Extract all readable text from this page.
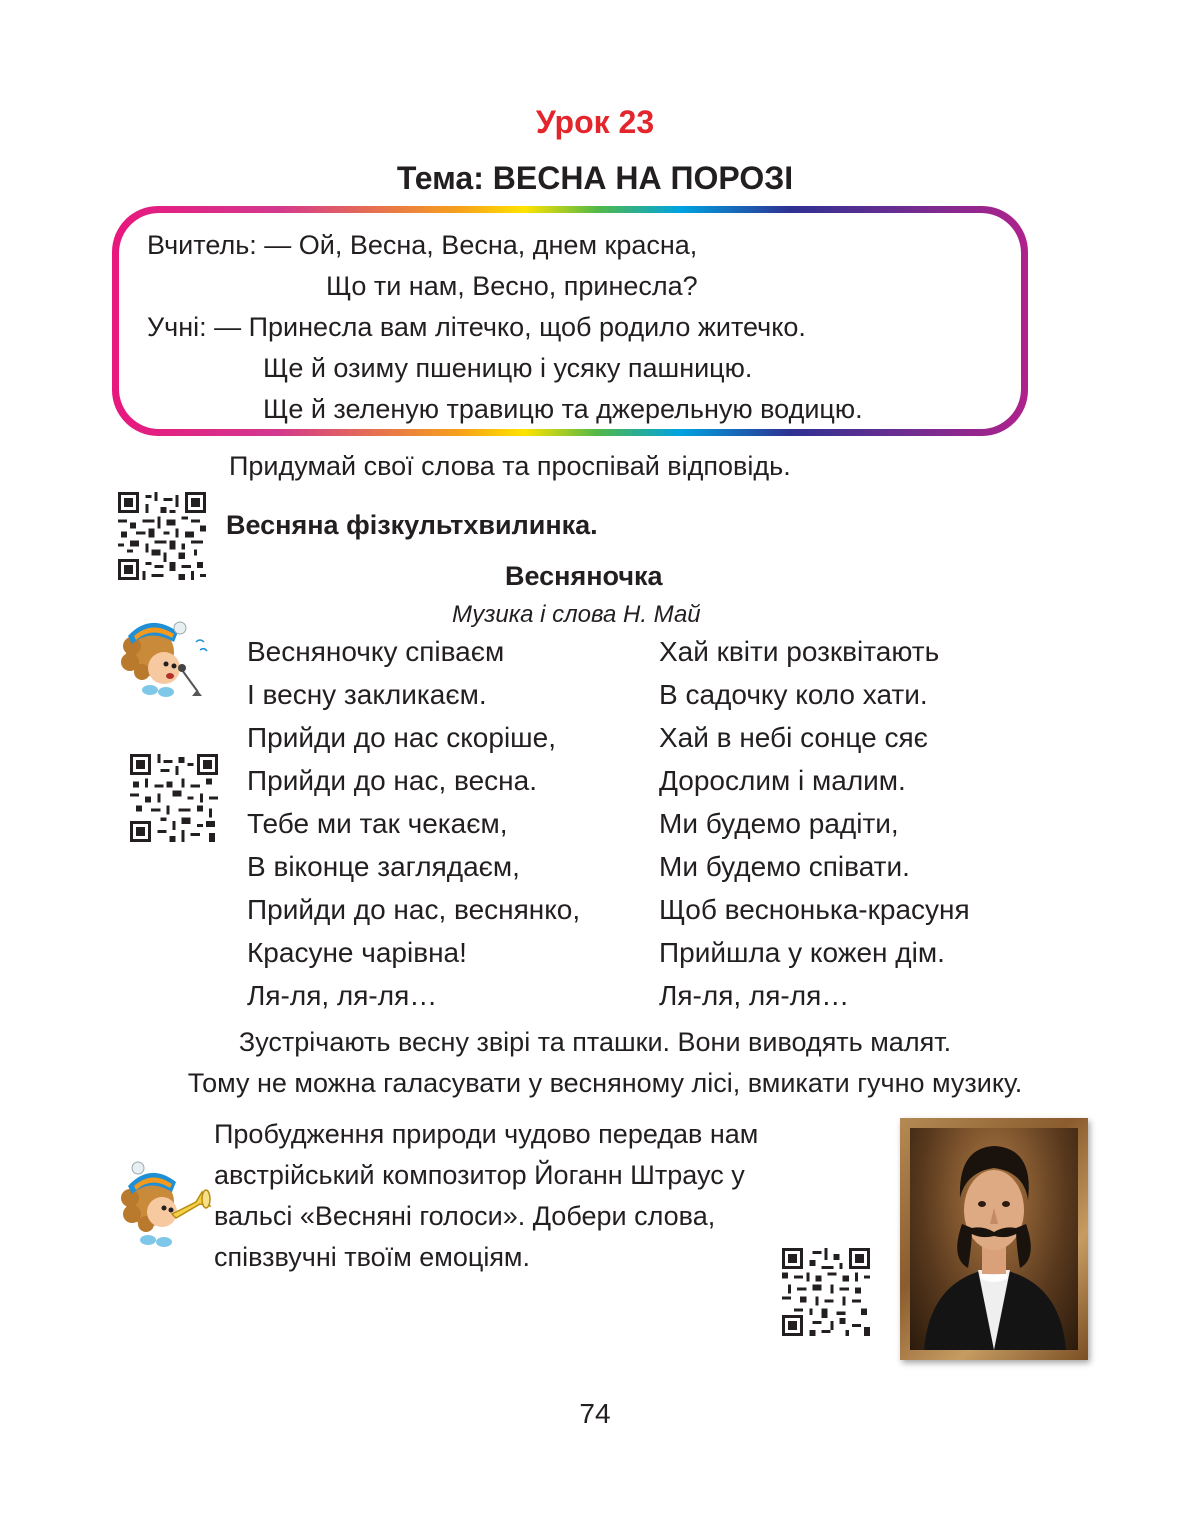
Урок 23
Тема: ВЕСНА НА ПОРОЗІ
Вчитель: — Ой, Весна, Весна, днем красна,
Що ти нам, Весно, принесла?
Учні: — Принесла вам літечко, щоб родило житечко.
Ще й озиму пшеницю і усяку пашницю.
Ще й зеленую травицю та джерельную водицю.
Придумай свої слова та проспівай відповідь.
Весняна фізкультхвилинка.
Весняночка
Музика і слова Н. Май
Весняночку співаєм
І весну закликаєм.
Прийди до нас скоріше,
Прийди до нас, весна.
Тебе ми так чекаєм,
В віконце заглядаєм,
Прийди до нас, веснянко,
Красуне чарівна!
Ля-ля, ля-ля…
Хай квіти розквітають
В садочку коло хати.
Хай в небі сонце сяє
Дорослим і малим.
Ми будемо радіти,
Ми будемо співати.
Щоб веснонька-красуня
Прийшла у кожен дім.
Ля-ля, ля-ля…
Зустрічають весну звірі та пташки. Вони виводять малят.
Тому не можна галасувати у весняному лісі, вмикати гучно музику.
Пробудження природи чудово передав нам
австрійський композитор Йоганн Штраус у
вальсі «Весняні голоси». Добери слова,
співзвучні твоїм емоціям.
74
